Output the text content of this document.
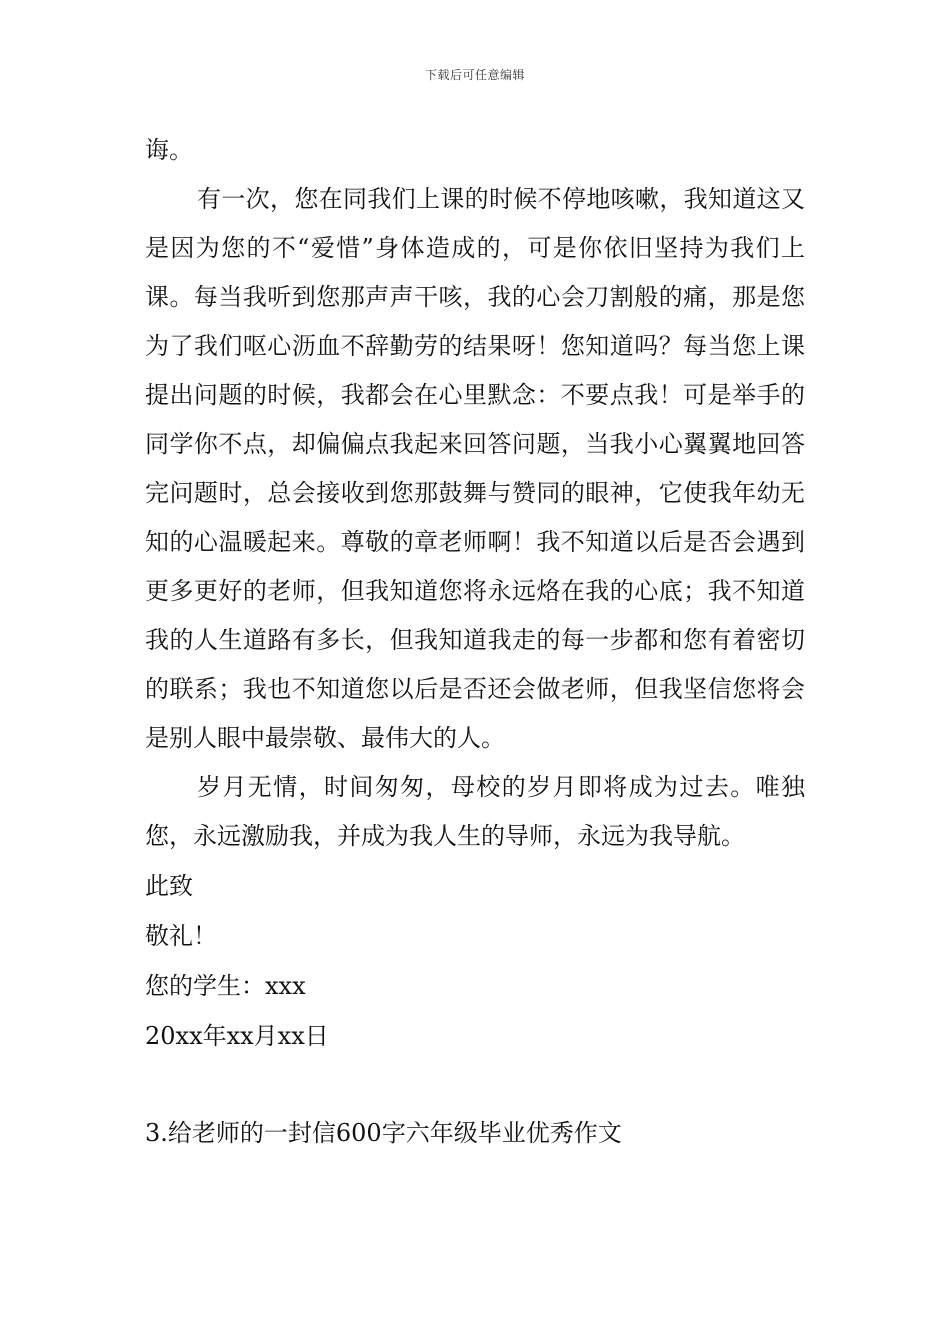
下载后可任意编辑

诲。

有一次，您在同我们上课的时候不停地咳嗽，我知道这又是因为您的不“爱惜”身体造成的，可是你依旧坚持为我们上课。每当我听到您那声声干咳，我的心会刀割般的痛，那是您为了我们呕心沥血不辞勤劳的结果呀！您知道吗？每当您上课提出问题的时候，我都会在心里默念：不要点我！可是举手的同学你不点，却偏偏点我起来回答问题，当我小心翼翼地回答完问题时，总会接收到您那鼓舞与赞同的眼神，它使我年幼无知的心温暖起来。尊敬的章老师啊！我不知道以后是否会遇到更多更好的老师，但我知道您将永远烙在我的心底；我不知道我的人生道路有多长，但我知道我走的每一步都和您有着密切的联系；我也不知道您以后是否还会做老师，但我坚信您将会是别人眼中最崇敬、最伟大的人。

岁月无情，时间匆匆，母校的岁月即将成为过去。唯独您，永远激励我，并成为我人生的导师，永远为我导航。

此致

敬礼！

您的学生：xxx

20xx年xx月xx日

3.给老师的一封信600字六年级毕业优秀作文
